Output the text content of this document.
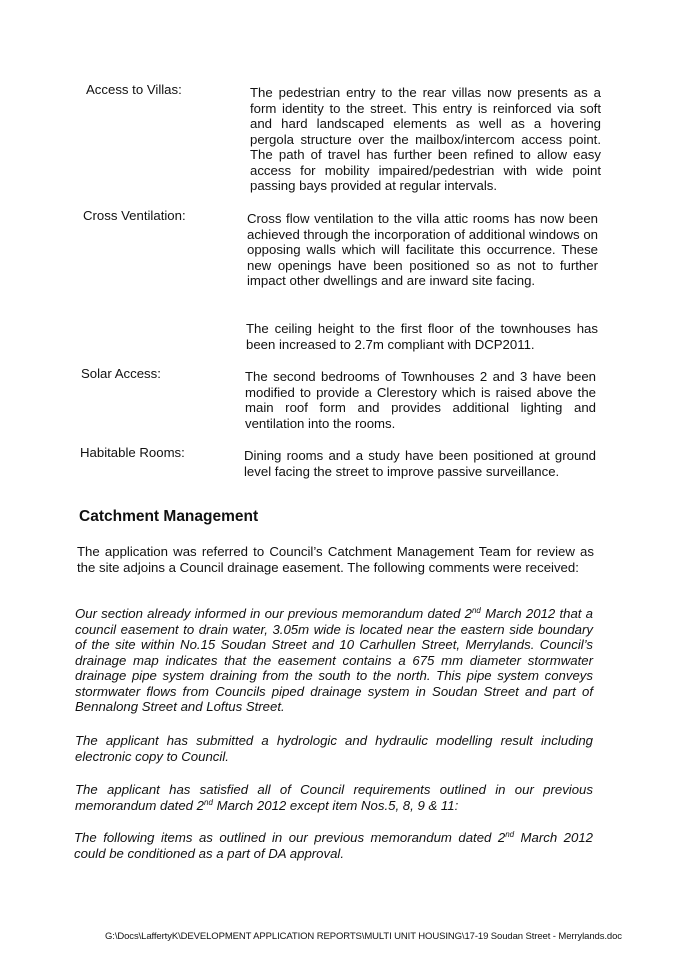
Access to Villas:	The pedestrian entry to the rear villas now presents as a form identity to the street. This entry is reinforced via soft and hard landscaped elements as well as a hovering pergola structure over the mailbox/intercom access point. The path of travel has further been refined to allow easy access for mobility impaired/pedestrian with wide point passing bays provided at regular intervals.
Cross Ventilation:	Cross flow ventilation to the villa attic rooms has now been achieved through the incorporation of additional windows on opposing walls which will facilitate this occurrence. These new openings have been positioned so as not to further impact other dwellings and are inward site facing.
The ceiling height to the first floor of the townhouses has been increased to 2.7m compliant with DCP2011.
Solar Access:	The second bedrooms of Townhouses 2 and 3 have been modified to provide a Clerestory which is raised above the main roof form and provides additional lighting and ventilation into the rooms.
Habitable Rooms:	Dining rooms and a study have been positioned at ground level facing the street to improve passive surveillance.
Catchment Management
The application was referred to Council’s Catchment Management Team for review as the site adjoins a Council drainage easement. The following comments were received:
Our section already informed in our previous memorandum dated 2nd March 2012 that a council easement to drain water, 3.05m wide is located near the eastern side boundary of the site within No.15 Soudan Street and 10 Carhullen Street, Merrylands. Council’s drainage map indicates that the easement contains a 675 mm diameter stormwater drainage pipe system draining from the south to the north. This pipe system conveys stormwater flows from Councils piped drainage system in Soudan Street and part of Bennalong Street and Loftus Street.
The applicant has submitted a hydrologic and hydraulic modelling result including electronic copy to Council.
The applicant has satisfied all of Council requirements outlined in our previous memorandum dated 2nd March 2012 except item Nos.5, 8, 9 & 11:
The following items as outlined in our previous memorandum dated 2nd March 2012 could be conditioned as a part of DA approval.
G:\Docs\LaffertyK\DEVELOPMENT APPLICATION REPORTS\MULTI UNIT HOUSING\17-19 Soudan Street - Merrylands.doc
